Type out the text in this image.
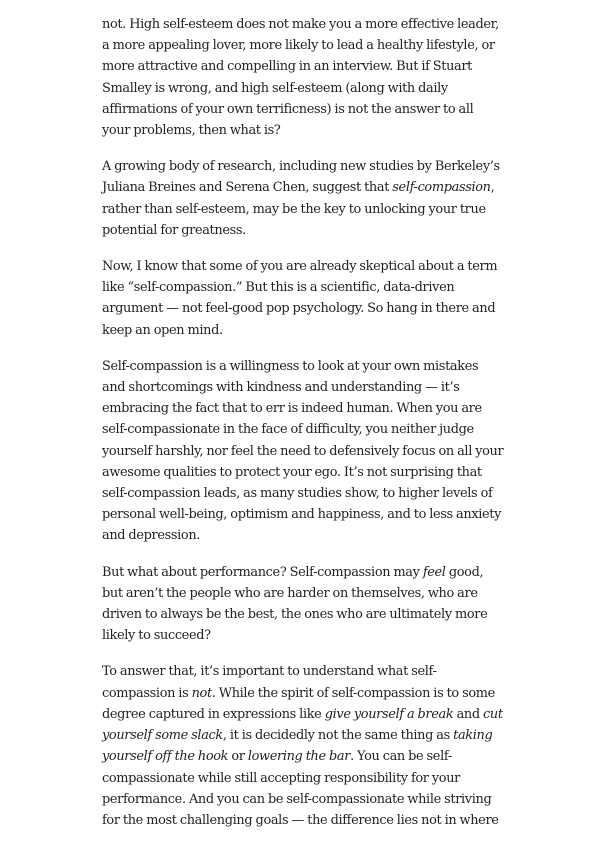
not. High self-esteem does not make you a more effective leader, a more appealing lover, more likely to lead a healthy lifestyle, or more attractive and compelling in an interview. But if Stuart Smalley is wrong, and high self-esteem (along with daily affirmations of your own terrificness) is not the answer to all your problems, then what is?

A growing body of research, including new studies by Berkeley’s Juliana Breines and Serena Chen, suggest that self-compassion, rather than self-esteem, may be the key to unlocking your true potential for greatness.

Now, I know that some of you are already skeptical about a term like “self-compassion.” But this is a scientific, data-driven argument — not feel-good pop psychology. So hang in there and keep an open mind.

Self-compassion is a willingness to look at your own mistakes and shortcomings with kindness and understanding — it’s embracing the fact that to err is indeed human. When you are self-compassionate in the face of difficulty, you neither judge yourself harshly, nor feel the need to defensively focus on all your awesome qualities to protect your ego. It’s not surprising that self-compassion leads, as many studies show, to higher levels of personal well-being, optimism and happiness, and to less anxiety and depression.

But what about performance? Self-compassion may feel good, but aren’t the people who are harder on themselves, who are driven to always be the best, the ones who are ultimately more likely to succeed?

To answer that, it’s important to understand what self-compassion is not. While the spirit of self-compassion is to some degree captured in expressions like give yourself a break and cut yourself some slack, it is decidedly not the same thing as taking yourself off the hook or lowering the bar. You can be self-compassionate while still accepting responsibility for your performance. And you can be self-compassionate while striving for the most challenging goals — the difference lies not in where
